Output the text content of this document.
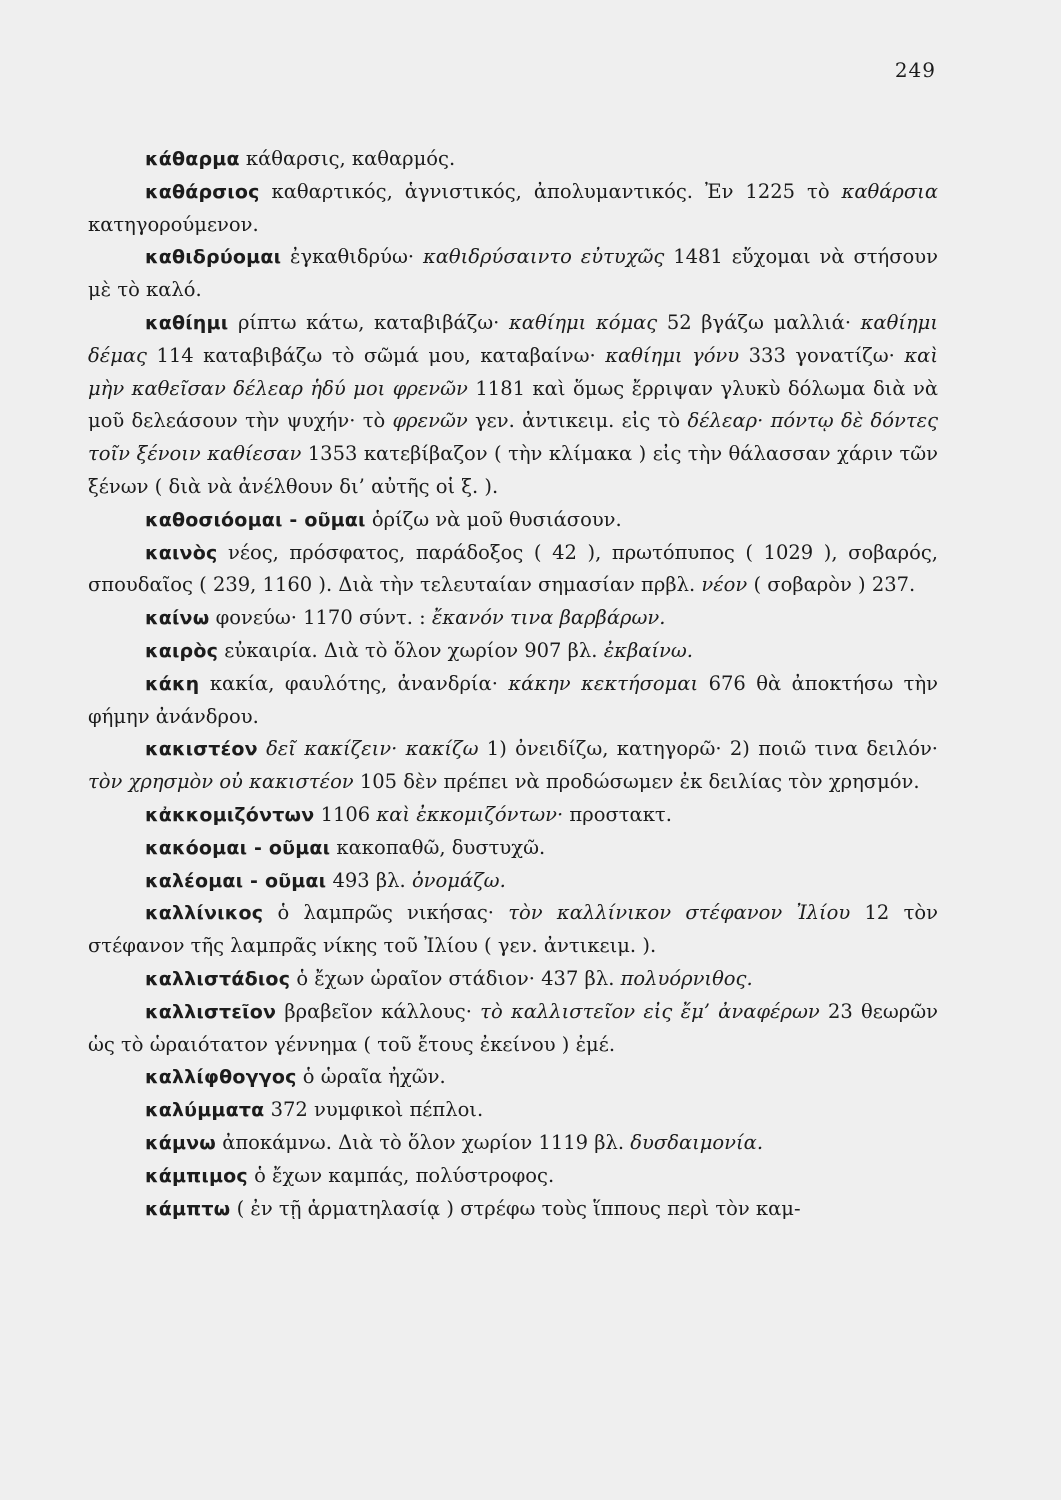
249

κάθαρμα κάθαρσις, καθαρμός.

καθάρσιος καθαρτικός, ἁγνιστικός, ἀπολυμαντικός. Ἐν 1225 τὸ καθάρσια κατηγορούμενον.

καθιδρύομαι ἐγκαθιδρύω· καθιδρύσαιντο εὐτυχῶς 1481 εὔχομαι νὰ στήσουν μὲ τὸ καλό.

καθίημι ρίπτω κάτω, καταβιβάζω· καθίημι κόμας 52 βγάζω μαλλιά· καθίημι δέμας 114 καταβιβάζω τὸ σῶμά μου, καταβαίνω· καθίημι γόνυ 333 γονατίζω· καὶ μὴν καθεῖσαν δέλεαρ ἡδύ μοι φρενῶν 1181 καὶ ὅμως ἔρριψαν γλυκὺ δόλωμα διὰ νὰ μοῦ δελεάσουν τὴν ψυχήν· τὸ φρενῶν γεν. ἀντικειμ. εἰς τὸ δέλεαρ· πόντῳ δὲ δόντες τοῖν ξένοιν καθίεσαν 1353 κατεβίβαζον ( τὴν κλίμακα ) εἰς τὴν θάλασσαν χάριν τῶν ξένων ( διὰ νὰ ἀνέλθουν δι’ αὐτῆς οἱ ξ. ).

καθοσιόομαι - οῦμαι ὁρίζω νὰ μοῦ θυσιάσουν.

καινὸς νέος, πρόσφατος, παράδοξος ( 42 ), πρωτόπυπος ( 1029 ), σοβαρός, σπουδαῖος ( 239, 1160 ). Διὰ τὴν τελευταίαν σημασίαν πρβλ. νέον ( σοβαρὸν ) 237.

καίνω φονεύω· 1170 σύντ. : ἔκανόν τινα βαρβάρων.

καιρὸς εὐκαιρία. Διὰ τὸ ὅλον χωρίον 907 βλ. ἐκβαίνω.

κάκη κακία, φαυλότης, ἀνανδρία· κάκην κεκτήσομαι 676 θὰ ἀποκτήσω τὴν φήμην ἀνάνδρου.

κακιστέον δεῖ κακίζειν· κακίζω 1) ὀνειδίζω, κατηγορῶ· 2) ποιῶ τινα δειλόν· τὸν χρησμὸν οὐ κακιστέον 105 δὲν πρέπει νὰ προδώσωμεν ἐκ δειλίας τὸν χρησμόν.

κἀκκομιζόντων 1106 καὶ ἐκκομιζόντων· προστακτ.

κακόομαι - οῦμαι κακοπαθῶ, δυστυχῶ.

καλέομαι - οῦμαι 493 βλ. ὀνομάζω.

καλλίνικος ὁ λαμπρῶς νικήσας· τὸν καλλίνικον στέφανον Ἰλίου 12 τὸν στέφανον τῆς λαμπρᾶς νίκης τοῦ Ἰλίου ( γεν. ἀντικειμ. ).

καλλιστάδιος ὁ ἔχων ὡραῖον στάδιον· 437 βλ. πολυόρνιθος.

καλλιστεῖον βραβεῖον κάλλους· τὸ καλλιστεῖον εἰς ἔμ’ ἀναφέρων 23 θεωρῶν ὡς τὸ ὡραιότατον γέννημα ( τοῦ ἔτους ἐκείνου ) ἐμέ.

καλλίφθογγος ὁ ὡραῖα ἠχῶν.

καλύμματα 372 νυμφικοὶ πέπλοι.

κάμνω ἀποκάμνω. Διὰ τὸ ὅλον χωρίον 1119 βλ. δυσδαιμονία.

κάμπιμος ὁ ἔχων καμπάς, πολύστροφος.

κάμπτω ( ἐν τῇ ἁρματηλασίᾳ ) στρέφω τοὺς ἵππους περὶ τὸν καμ-
